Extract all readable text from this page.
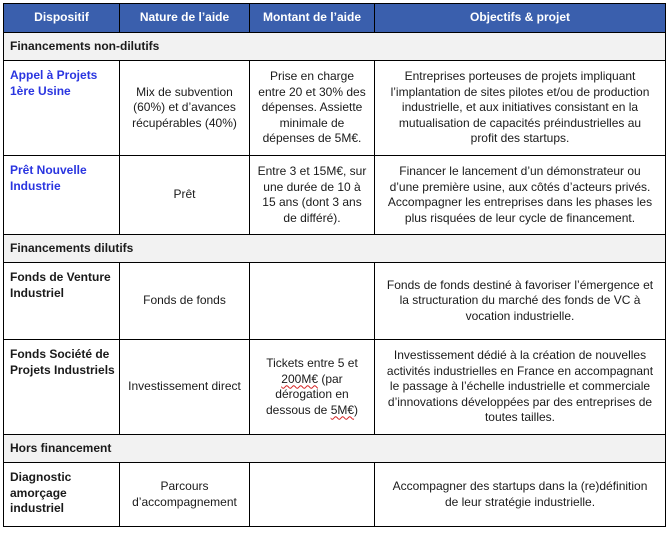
Dispositif	Nature de l’aide	Montant de l’aide	Objectifs & projet
Financements non-dilutifs			
Appel à Projets 1ère Usine	Mix de subvention (60%) et d’avances récupérables (40%)	Prise en charge entre 20 et 30% des dépenses. Assiette minimale de dépenses de 5M€.	Entreprises porteuses de projets impliquant l’implantation de sites pilotes et/ou de production industrielle, et aux initiatives consistant en la mutualisation de capacités préindustrielles au profit des startups.
Prêt Nouvelle Industrie	Prêt	Entre 3 et 15M€, sur une durée de 10 à 15 ans (dont 3 ans de différé).	Financer le lancement d’un démonstrateur ou d’une première usine, aux côtés d’acteurs privés. Accompagner les entreprises dans les phases les plus risquées de leur cycle de financement.
Financements dilutifs			
Fonds de Venture Industriel	Fonds de fonds		Fonds de fonds destiné à favoriser l’émergence et la structuration du marché des fonds de VC à vocation industrielle.
Fonds Société de Projets Industriels	Investissement direct	Tickets entre 5 et 200M€ (par dérogation en dessous de 5M€)	Investissement dédié à la création de nouvelles activités industrielles en France en accompagnant le passage à l’échelle industrielle et commerciale d’innovations développées par des entreprises de toutes tailles.
Hors financement			
Diagnostic amorçage industriel	Parcours d’accompagnement		Accompagner des startups dans la (re)définition de leur stratégie industrielle.
